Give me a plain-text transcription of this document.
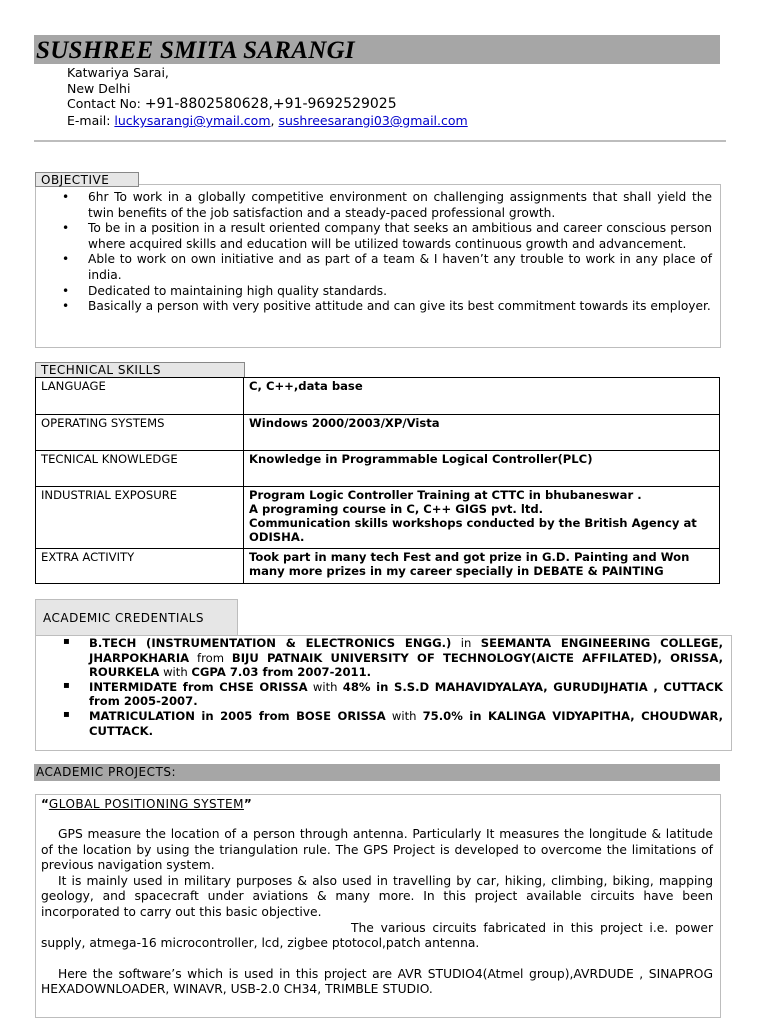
SUSHREE SMITA SARANGI
Katwariya Sarai,
New Delhi
Contact No: +91-8802580628,+91-9692529025
E-mail: luckysarangi@ymail.com, sushreesarangi03@gmail.com
OBJECTIVE
• 6hr To work in a globally competitive environment on challenging assignments that shall yield the twin benefits of the job satisfaction and a steady-paced professional growth.
• To be in a position in a result oriented company that seeks an ambitious and career conscious person where acquired skills and education will be utilized towards continuous growth and advancement.
• Able to work on own initiative and as part of a team & I haven’t any trouble to work in any place of india.
• Dedicated to maintaining high quality standards.
• Basically a person with very positive attitude and can give its best commitment towards its employer.
TECHNICAL SKILLS
LANGUAGE	C, C++,data base
OPERATING SYSTEMS	Windows 2000/2003/XP/Vista
TECNICAL KNOWLEDGE	Knowledge in Programmable Logical Controller(PLC)
INDUSTRIAL EXPOSURE	Program Logic Controller Training at CTTC in bhubaneswar .
A programing course in C, C++ GIGS pvt. ltd.
Communication skills workshops conducted by the British Agency at ODISHA.

EXTRA ACTIVITY	Took part in many tech Fest and got prize in G.D. Painting and Won many more prizes in my career specially in DEBATE & PAINTING
ACADEMIC CREDENTIALS
▪ B.TECH (INSTRUMENTATION & ELECTRONICS ENGG.) in SEEMANTA ENGINEERING COLLEGE, JHARPOKHARIA from BIJU PATNAIK UNIVERSITY OF TECHNOLOGY(AICTE AFFILATED), ORISSA, ROURKELA with CGPA 7.03 from 2007-2011.
▪ INTERMIDATE from CHSE ORISSA with 48% in S.S.D MAHAVIDYALAYA, GURUDIJHATIA , CUTTACK from 2005-2007.
▪ MATRICULATION in 2005 from BOSE ORISSA with 75.0% in KALINGA VIDYAPITHA, CHOUDWAR, CUTTACK.
ACADEMIC PROJECTS:
“GLOBAL POSITIONING SYSTEM”

GPS measure the location of a person through antenna. Particularly It measures the longitude & latitude of the location by using the triangulation rule. The GPS Project is developed to overcome the limitations of previous navigation system.

It is mainly used in military purposes & also used in travelling by car, hiking, climbing, biking, mapping geology, and spacecraft under aviations & many more. In this project available circuits have been incorporated to carry out this basic objective.

The various circuits fabricated in this project i.e. power supply, atmega-16 microcontroller, lcd, zigbee ptotocol,patch antenna.

Here the software’s which is used in this project are AVR STUDIO4(Atmel group),AVRDUDE , SINAPROG HEXADOWNLOADER, WINAVR, USB-2.0 CH34, TRIMBLE STUDIO.
